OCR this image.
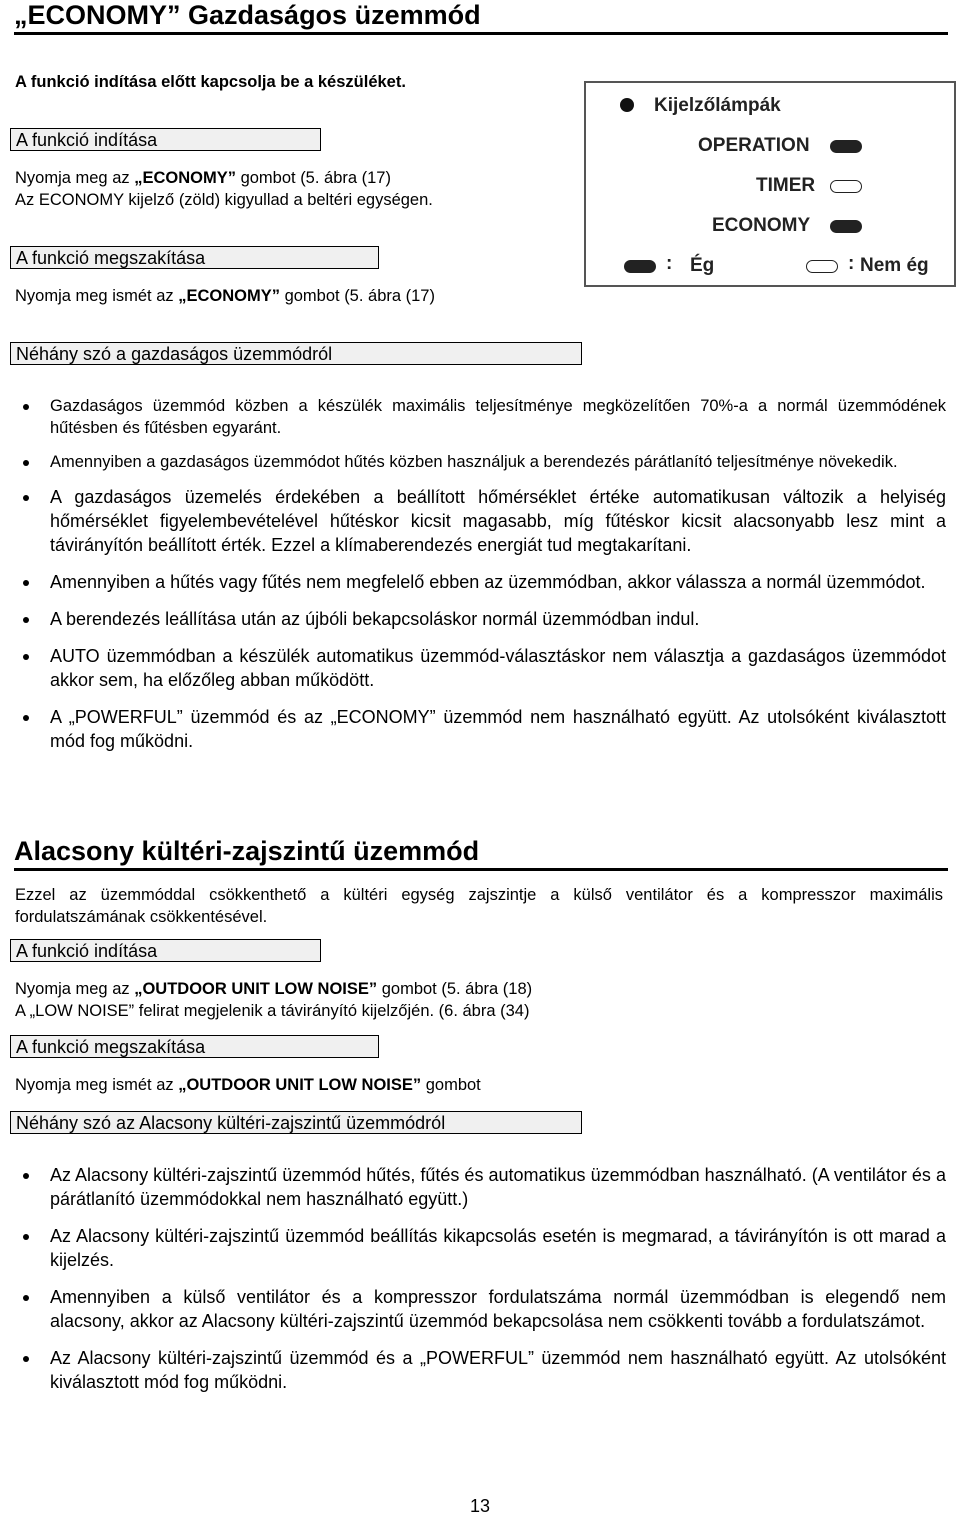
„ECONOMY” Gazdaságos üzemmód
A funkció indítása előtt kapcsolja be a készüléket.
A funkció indítása
Nyomja meg az „ECONOMY” gombot (5. ábra (17)
Az ECONOMY kijelző (zöld) kigyullad a beltéri egységen.
A funkció megszakítása
Nyomja meg ismét az „ECONOMY” gombot (5. ábra (17)
Kijelzőlámpák
OPERATION
TIMER
ECONOMY
: Ég	: Nem ég
Néhány szó a gazdaságos üzemmódról
Gazdaságos üzemmód közben a készülék maximális teljesítménye megközelítően 70%-a a normál üzemmódének hűtésben és fűtésben egyaránt.
Amennyiben a gazdaságos üzemmódot hűtés közben használjuk a berendezés párátlanító teljesítménye növekedik.
A gazdaságos üzemelés érdekében a beállított hőmérséklet értéke automatikusan változik a helyiség hőmérséklet figyelembevételével hűtéskor kicsit magasabb, míg fűtéskor kicsit alacsonyabb lesz mint a távirányítón beállított érték. Ezzel a klímaberendezés energiát tud megtakarítani.
Amennyiben a hűtés vagy fűtés nem megfelelő ebben az üzemmódban, akkor válassza a normál üzemmódot.
A berendezés leállítása után az újbóli bekapcsoláskor normál üzemmódban indul.
AUTO üzemmódban a készülék automatikus üzemmód-választáskor nem választja a gazdaságos üzemmódot akkor sem, ha előzőleg abban működött.
A „POWERFUL” üzemmód és az „ECONOMY” üzemmód nem használható együtt. Az utolsóként kiválasztott mód fog működni.
Alacsony kültéri-zajszintű üzemmód
Ezzel az üzemmóddal csökkenthető a kültéri egység zajszintje a külső ventilátor és a kompresszor maximális fordulatszámának csökkentésével.
A funkció indítása
Nyomja meg az „OUTDOOR UNIT LOW NOISE” gombot (5. ábra (18)
A „LOW NOISE” felirat megjelenik a távirányító kijelzőjén. (6. ábra (34)
A funkció megszakítása
Nyomja meg ismét az „OUTDOOR UNIT LOW NOISE” gombot
Néhány szó az Alacsony kültéri-zajszintű üzemmódról
Az Alacsony kültéri-zajszintű üzemmód hűtés, fűtés és automatikus üzemmódban használható. (A ventilátor és a párátlanító üzemmódokkal nem használható együtt.)
Az Alacsony kültéri-zajszintű üzemmód beállítás kikapcsolás esetén is megmarad, a távirányítón is ott marad a kijelzés.
Amennyiben a külső ventilátor és a kompresszor fordulatszáma normál üzemmódban is elegendő nem alacsony, akkor az Alacsony kültéri-zajszintű üzemmód bekapcsolása nem csökkenti tovább a fordulatszámot.
Az Alacsony kültéri-zajszintű üzemmód és a „POWERFUL” üzemmód nem használható együtt. Az utolsóként kiválasztott mód fog működni.
13
